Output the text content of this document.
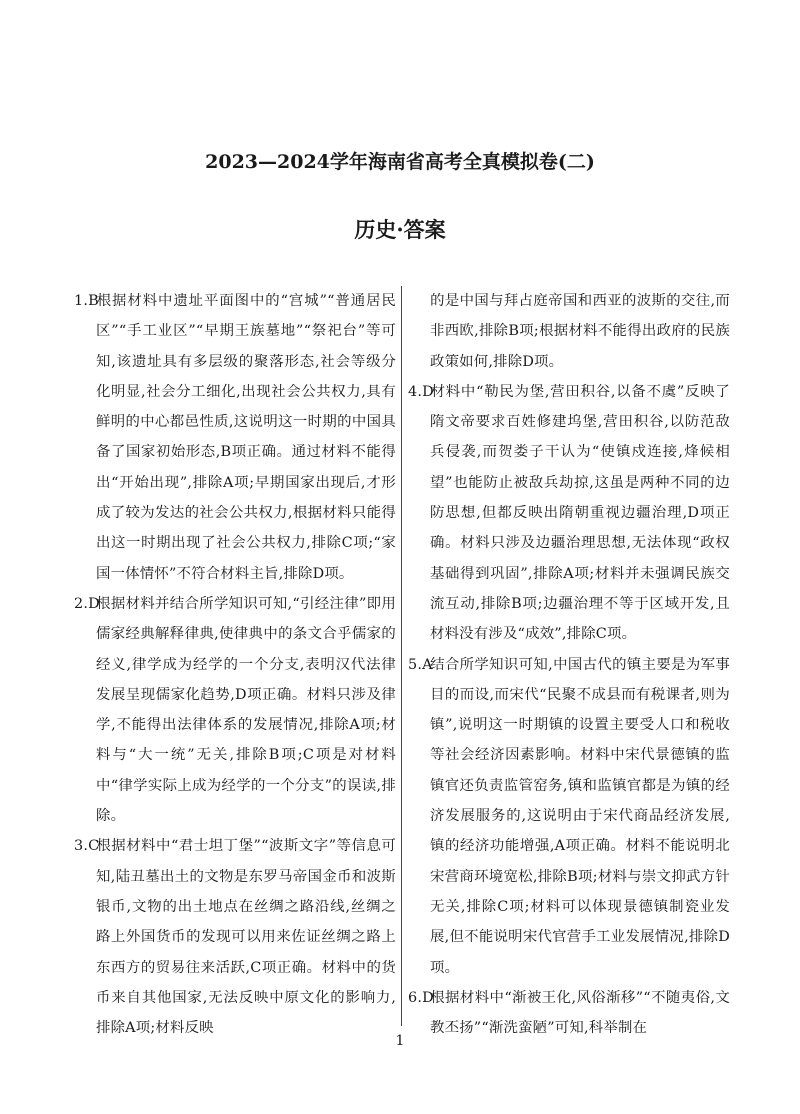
2023—2024学年海南省高考全真模拟卷(二)
历史·答案

1.B根据材料中遗址平面图中的“宫城”“普通居民区”“手工业区”“早期王族墓地”“祭祀台”等可知,该遗址具有多层级的聚落形态,社会等级分化明显,社会分工细化,出现社会公共权力,具有鲜明的中心都邑性质,这说明这一时期的中国具备了国家初始形态,B项正确。通过材料不能得出“开始出现”,排除A项;早期国家出现后,才形成了较为发达的社会公共权力,根据材料只能得出这一时期出现了社会公共权力,排除C项;“家国一体情怀”不符合材料主旨,排除D项。

2.D根据材料并结合所学知识可知,“引经注律”即用儒家经典解释律典,使律典中的条文合乎儒家的经义,律学成为经学的一个分支,表明汉代法律发展呈现儒家化趋势,D项正确。材料只涉及律学,不能得出法律体系的发展情况,排除A项;材料与“大一统”无关,排除B项;C项是对材料中“律学实际上成为经学的一个分支”的误读,排除。

3.C根据材料中“君士坦丁堡”“波斯文字”等信息可知,陆丑墓出土的文物是东罗马帝国金币和波斯银币,文物的出土地点在丝绸之路沿线,丝绸之路上外国货币的发现可以用来佐证丝绸之路上东西方的贸易往来活跃,C项正确。材料中的货币来自其他国家,无法反映中原文化的影响力,排除A项;材料反映

的是中国与拜占庭帝国和西亚的波斯的交往,而非西欧,排除B项;根据材料不能得出政府的民族政策如何,排除D项。

4.D材料中“勒民为堡,营田积谷,以备不虞”反映了隋文帝要求百姓修建坞堡,营田积谷,以防范敌兵侵袭,而贺娄子干认为“使镇戍连接,烽候相望”也能防止被敌兵劫掠,这虽是两种不同的边防思想,但都反映出隋朝重视边疆治理,D项正确。材料只涉及边疆治理思想,无法体现“政权基础得到巩固”,排除A项;材料并未强调民族交流互动,排除B项;边疆治理不等于区域开发,且材料没有涉及“成效”,排除C项。

5.A结合所学知识可知,中国古代的镇主要是为军事目的而设,而宋代“民聚不成县而有税课者,则为镇”,说明这一时期镇的设置主要受人口和税收等社会经济因素影响。材料中宋代景德镇的监镇官还负责监管窑务,镇和监镇官都是为镇的经济发展服务的,这说明由于宋代商品经济发展,镇的经济功能增强,A项正确。材料不能说明北宋营商环境宽松,排除B项;材料与崇文抑武方针无关,排除C项;材料可以体现景德镇制瓷业发展,但不能说明宋代官营手工业发展情况,排除D项。

6.D根据材料中“渐被王化,风俗渐移”“不随夷俗,文教丕扬”“渐洗蛮陋”可知,科举制在

1
